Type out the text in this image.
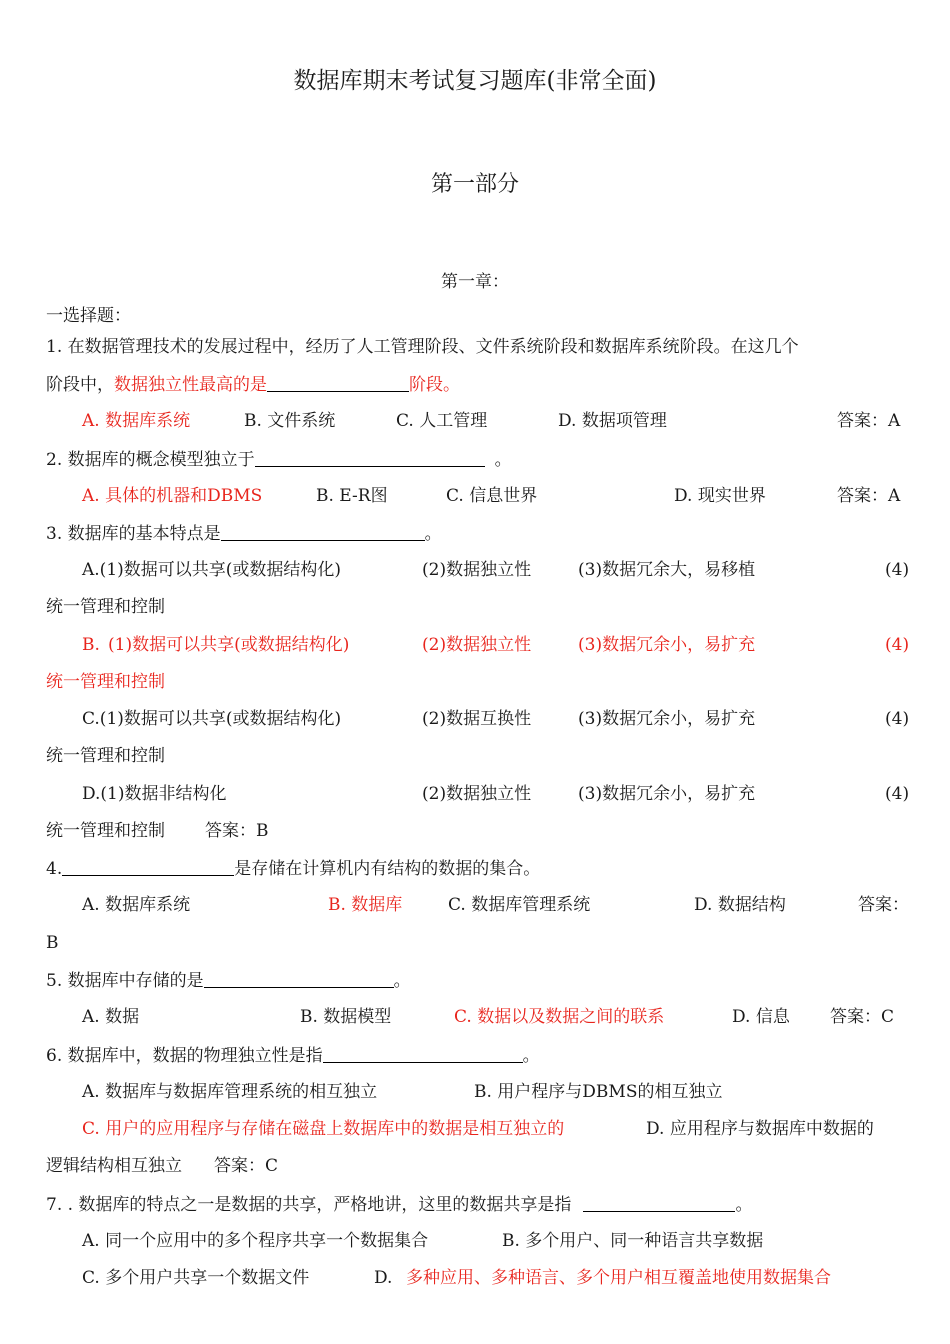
数据库期末考试复习题库(非常全面)
第一部分
第一章：
一选择题：
1. 在数据管理技术的发展过程中，经历了人工管理阶段、文件系统阶段和数据库系统阶段。在这几个
阶段中，数据独立性最高的是	阶段。
A. 数据库系统	B. 文件系统	C. 人工管理	D. 数据项管理	答案：A
2. 数据库的概念模型独立于	。
A. 具体的机器和DBMS	B. E-R图	C. 信息世界	D. 现实世界	答案：A
3. 数据库的基本特点是	。
A.(1)数据可以共享(或数据结构化)	(2)数据独立性	(3)数据冗余大，易移植	(4)
统一管理和控制
B. (1)数据可以共享(或数据结构化)	(2)数据独立性	(3)数据冗余小，易扩充	(4)
统一管理和控制
C.(1)数据可以共享(或数据结构化)	(2)数据互换性	(3)数据冗余小，易扩充	(4)
统一管理和控制
D.(1)数据非结构化	(2)数据独立性	(3)数据冗余小，易扩充	(4)
统一管理和控制 答案：B
4.	是存储在计算机内有结构的数据的集合。
A. 数据库系统	B. 数据库	C. 数据库管理系统	D. 数据结构	答案：
B
5. 数据库中存储的是	。
A. 数据	B. 数据模型	C. 数据以及数据之间的联系	D. 信息 答案：C
6. 数据库中，数据的物理独立性是指	。
A. 数据库与数据库管理系统的相互独立	B. 用户程序与DBMS的相互独立
C. 用户的应用程序与存储在磁盘上数据库中的数据是相互独立的	D. 应用程序与数据库中数据的
逻辑结构相互独立 答案：C
7. . 数据库的特点之一是数据的共享，严格地讲，这里的数据共享是指	。
A. 同一个应用中的多个程序共享一个数据集合	B. 多个用户、同一种语言共享数据
C. 多个用户共享一个数据文件	D. 多种应用、多种语言、多个用户相互覆盖地使用数据集合
